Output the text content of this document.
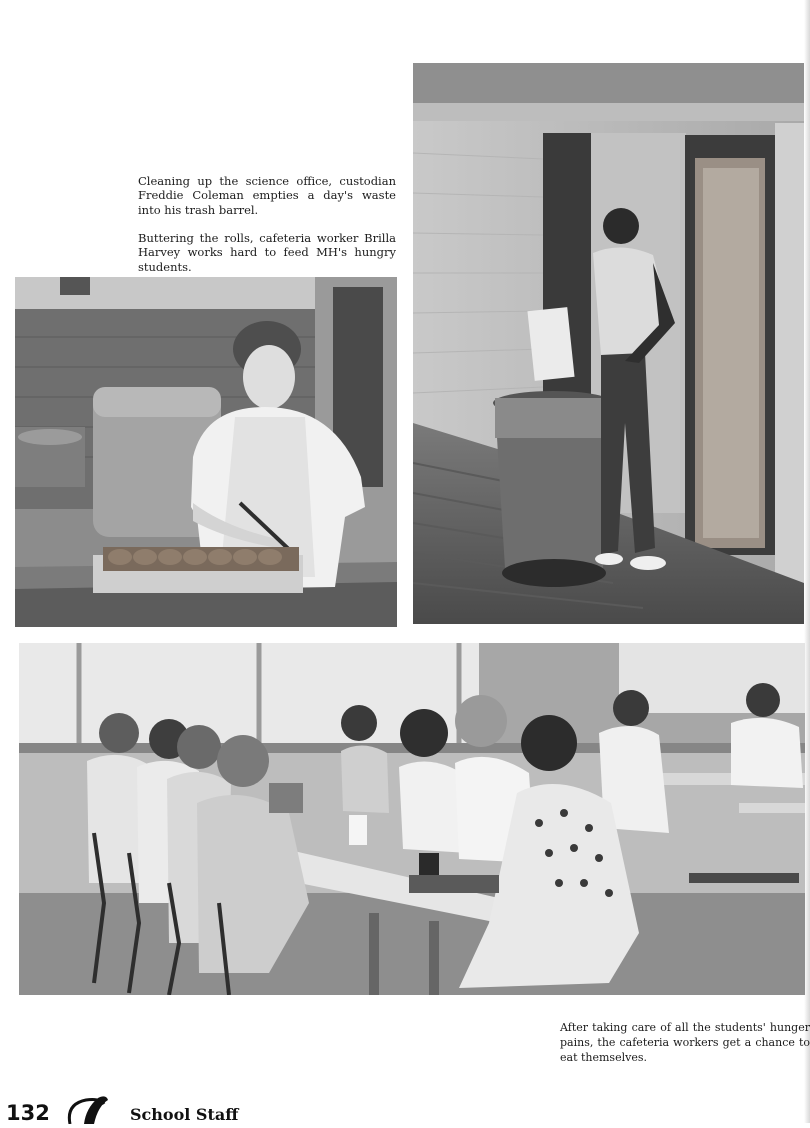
Cleaning up the science office, custodian Freddie Coleman empties a day's waste into his trash barrel.

Buttering the rolls, cafeteria worker Brilla Harvey works hard to feed MH's hungry students.

After taking care of all the students' hunger pains, the cafeteria workers get a chance to eat themselves.

132	School Staff
